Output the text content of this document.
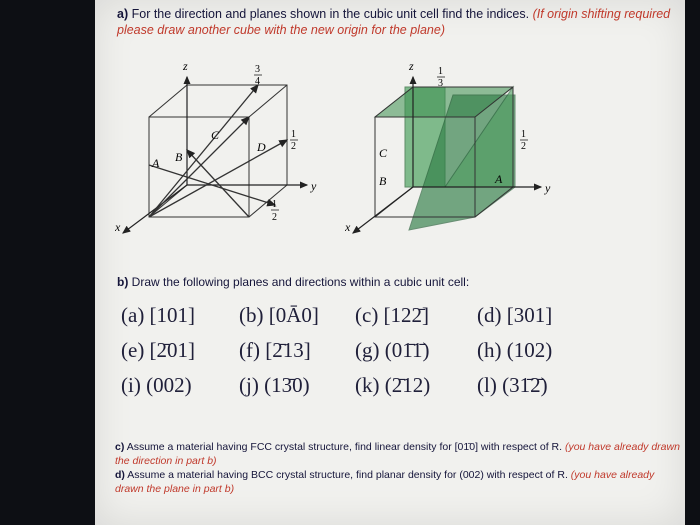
a) For the direction and planes shown in the cubic unit cell find the indices. (If origin shifting required please draw another cube with the new origin for the plane)
z
y
x
A B
C
D
3
4
1
2
1
2
z
y
x
A
B
C
1
3
1
2
b) Draw the following planes and directions within a cubic unit cell:
(a) [101]	(b) [0Ā0]	(c) [122̄]	(d) [301]
(e) [2̄01]	(f) [2̄13]	(g) (01̄1̄)	(h) (102)
(i) (002)	(j) (13̄0)	(k) (2̄12)	(l) (31̄2̄)
c) Assume a material having FCC crystal structure, find linear density for [01̄0] with respect of R. (you have already drawn the direction in part b)
d) Assume a material having BCC crystal structure, find planar density for (002) with respect of R. (you have already drawn the plane in part b)
